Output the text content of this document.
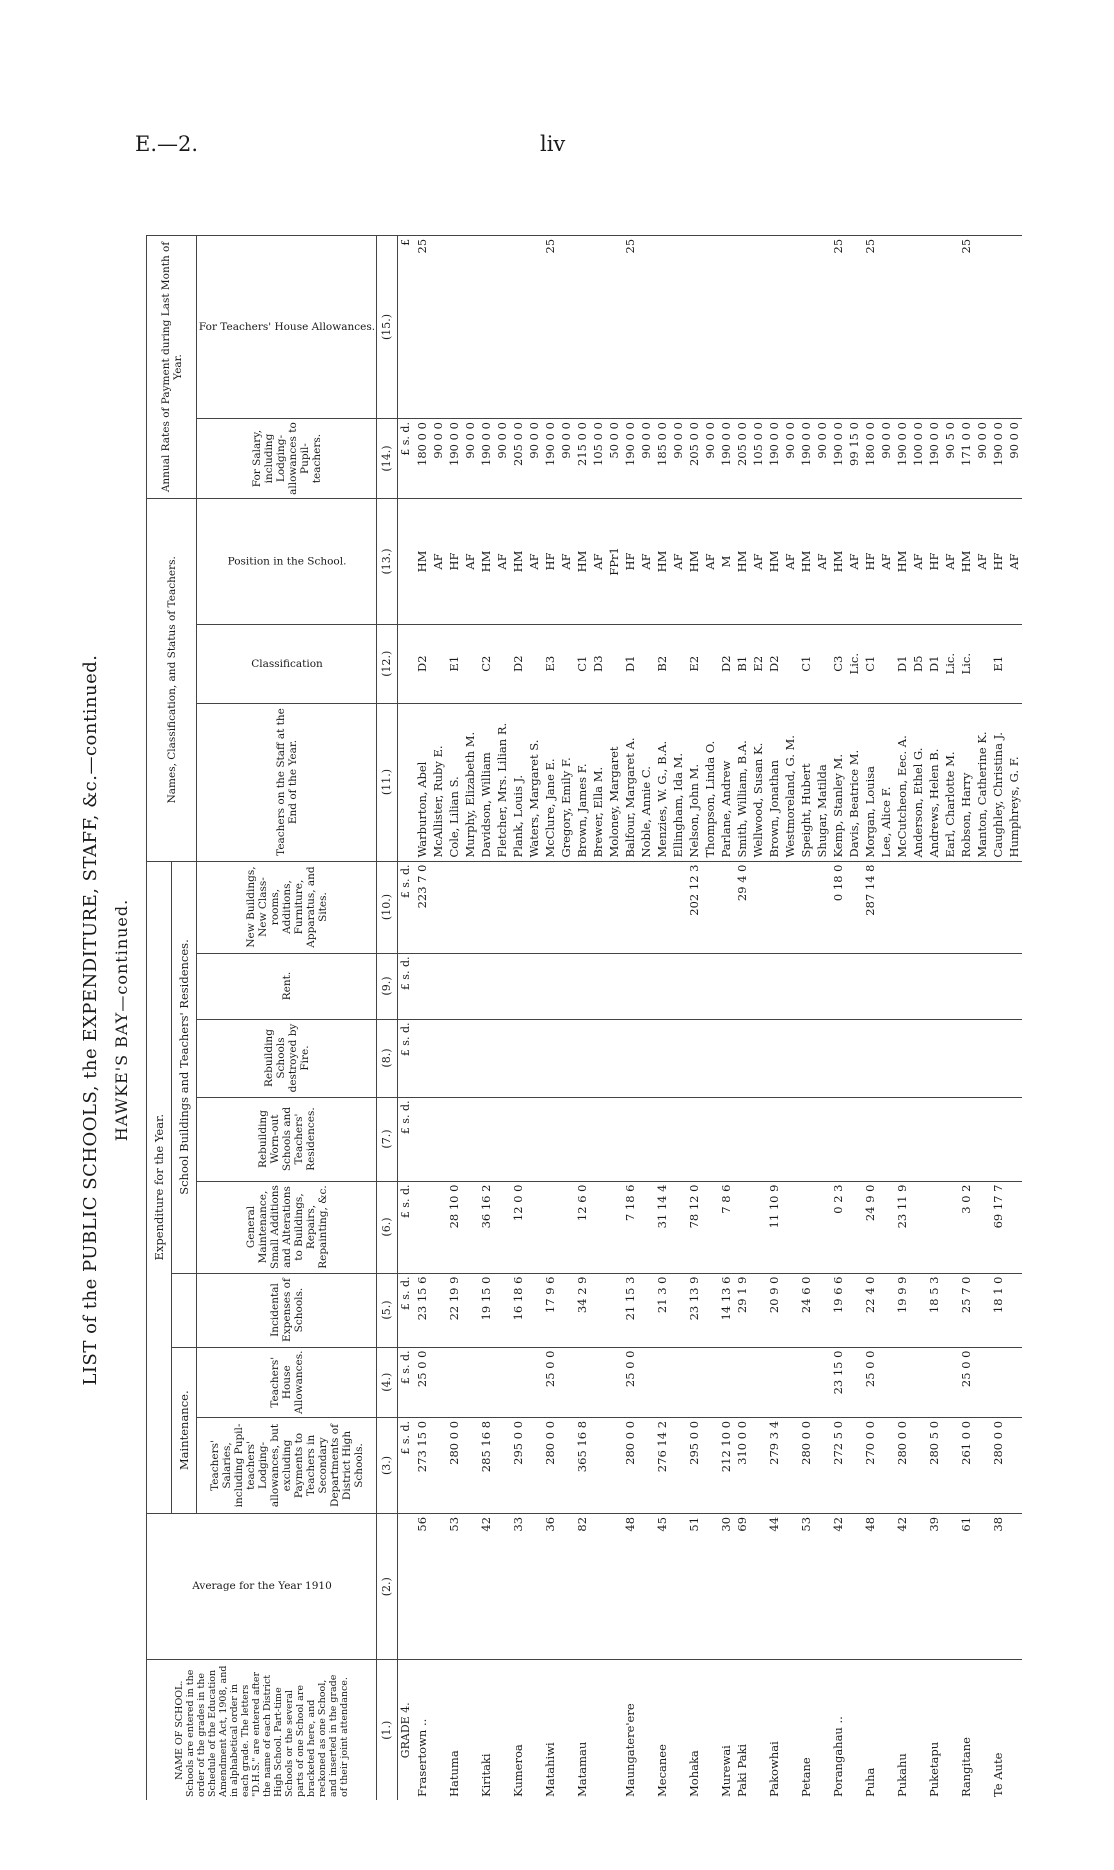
E.—2.	liv
LIST of the PUBLIC SCHOOLS, the EXPENDITURE, STAFF, &c.—continued. HAWKE'S BAY—continued.
NAME OF SCHOOL. Schools are entered in the order of the grades in the Schedule of the Education Amendment Act, 1908, and in alphabetical order in each grade. The letters "D.H.S." are entered after the name of each District High School. Part-time Schools or the several parts of one School are bracketed here, and reckoned as one School, and inserted in the grade of their joint attendance.	Average for the Year 1910	Expenditure for the Year.								Names, Classification, and Status of Teachers.			Annual Rates of Payment during Last Month of Year.	
		Maintenance.			School Buildings and Teachers' Residences.									
		Teachers' Salaries, including Pupil-teachers' Lodging-allowances, but excluding Payments to Teachers in Secondary Departments of District High Schools.	Teachers' House Allowances.	Incidental Expenses of Schools.	General Maintenance, Small Additions and Alterations to Buildings, Repairs, Repainting, &c.	Rebuilding Worn-out Schools and Teachers' Residences.	Rebuilding Schools destroyed by Fire.	Rent.	New Buildings, New Class-rooms, Additions, Furniture, Apparatus, and Sites.	Teachers on the Staff at the End of the Year.	Classification	Position in the School.	For Salary, including Lodging-allowances to Pupil-teachers.	For Teachers' House Allowances.
(1.)	(2.)	(3.)	(4.)	(5.)	(6.)	(7.)	(8.)	(9.)	(10.)	(11.)	(12.)	(13.)	(14.)	(15.)
GRADE 4.		£ s. d.	£ s. d.	£ s. d.	£ s. d.	£ s. d.	£ s. d.	£ s. d.	£ s. d.				£ s. d.	£
Frasertown ..	56	273 15 0	25 0 0	23 15 6					223 7 0	Warburton, Abel	D2	HM	180 0 0	25
										McAllister, Ruby E.		AF	90 0 0	
Hatuma	53	280 0 0		22 19 9	28 10 0					Cole, Lilian S.	E1	HF	190 0 0	
										Murphy, Elizabeth M.		AF	90 0 0	
Kiritaki	42	285 16 8		19 15 0	36 16 2					Davidson, William	C2	HM	190 0 0	
										Fletcher, Mrs. Lilian R.		AF	90 0 0	
Kumeroa	33	295 0 0		16 18 6	12 0 0					Plank, Louis J.	D2	HM	205 0 0	
										Waters, Margaret S.		AF	90 0 0	
Matahiwi	36	280 0 0	25 0 0	17 9 6						McClure, Jane E.	E3	HF	190 0 0	25
										Gregory, Emily F.		AF	90 0 0	
Matamau	82	365 16 8		34 2 9	12 6 0					Brown, James F.	C1	HM	215 0 0	
										Brewer, Ella M.	D3	AF	105 0 0	
										Moloney, Margaret		FPr1	50 0 0	
Maungatere'ere	48	280 0 0	25 0 0	21 15 3	7 18 6					Balfour, Margaret A.	D1	HF	190 0 0	25
										Noble, Annie C.		AF	90 0 0	
Mecanee	45	276 14 2		21 3 0	31 14 4					Menzies, W. G., B.A.	B2	HM	185 0 0	
										Ellingham, Ida M.		AF	90 0 0	
Mohaka	51	295 0 0		23 13 9	78 12 0				202 12 3	Nelson, John M.	E2	HM	205 0 0	
										Thompson, Linda O.		AF	90 0 0	
Murewai	30	212 10 0		14 13 6	7 8 6					Parlane, Andrew	D2	M	190 0 0	
Paki Paki	69	310 0 0		29 1 9					29 4 0	Smith, William, B.A.	B1	HM	205 0 0	
										Wellwood, Susan K.	E2	AF	105 0 0	
Pakowhai	44	279 3 4		20 9 0	11 10 9					Brown, Jonathan	D2	HM	190 0 0	
										Westmoreland, G. M.		AF	90 0 0	
Petane	53	280 0 0		24 6 0						Speight, Hubert	C1	HM	190 0 0	
										Shugar, Matilda		AF	90 0 0	
Porangahau ..	42	272 5 0	23 15 0	19 6 6	0 2 3				0 18 0	Kemp, Stanley M.	C3	HM	190 0 0	25
										Davis, Beatrice M.	Lic.	AF	99 15 0	
Puha	48	270 0 0	25 0 0	22 4 0	24 9 0				287 14 8	Morgan, Louisa	C1	HF	180 0 0	25
										Lee, Alice F.		AF	90 0 0	
Pukahu	42	280 0 0		19 9 9	23 11 9					McCutcheon, Eec. A.	D1	HM	190 0 0	
										Anderson, Ethel G.	D5	AF	100 0 0	
Puketapu	39	280 5 0		18 5 3						Andrews, Helen B.	D1	HF	190 0 0	
										Earl, Charlotte M.	Lic.	AF	90 5 0	
Rangitane	61	261 0 0	25 0 0	25 7 0	3 0 2					Robson, Harry	Lic.	HM	171 0 0	25
										Manton, Catherine K.		AF	90 0 0	
Te Aute	38	280 0 0		18 1 0	69 17 7					Caughley, Christina J.	E1	HF	190 0 0	
										Humphreys, G. F.		AF	90 0 0	
